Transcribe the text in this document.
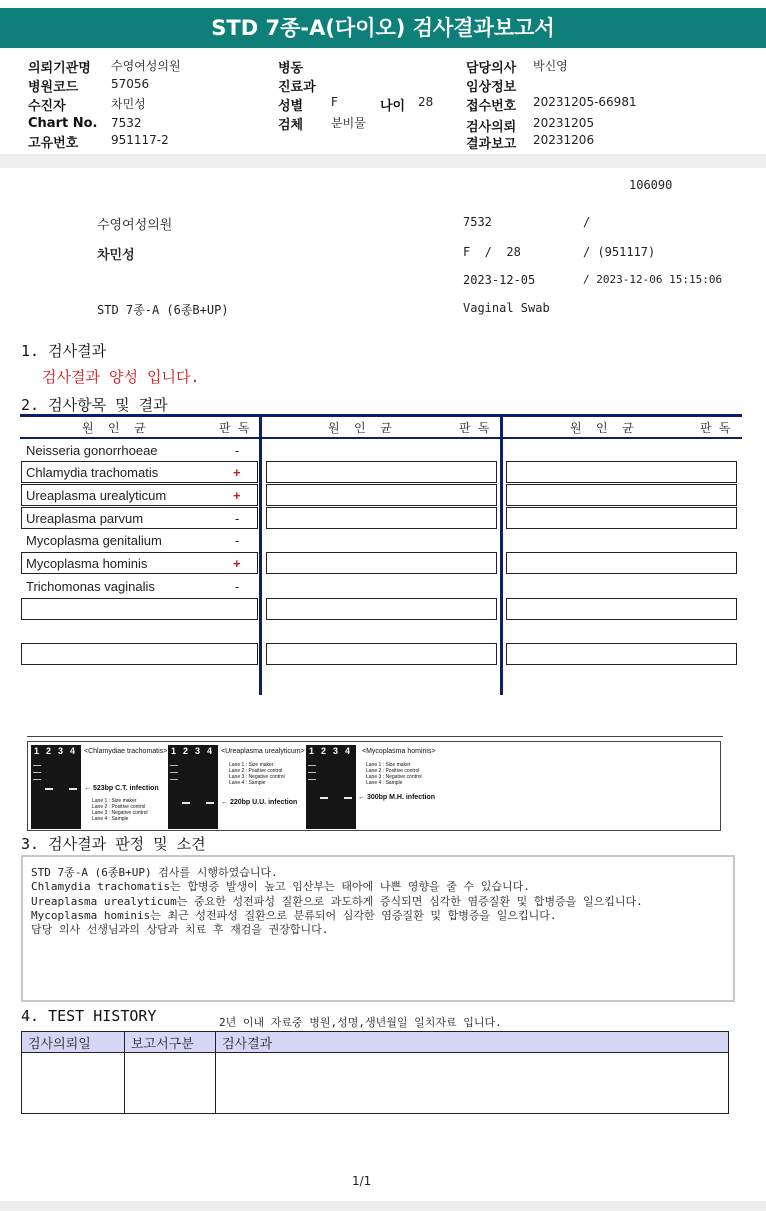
STD 7종-A(다이오) 검사결과보고서
의뢰기관명 수영여성의원
병원코드	57056
수진자	차민성
Chart No. 7532
고유번호	951117-2
병동
진료과
성별 F	나이 28
검체 분비물
담당의사 박신영
임상정보
접수번호 20231205-66981
검사의뢰 20231205
결과보고 20231206
106090
수영여성의원	7532	/
차민성	F  /  28	/ (951117)
2023-12-05	/ 2023-12-06 15:15:06
STD 7종-A (6종B+UP)	Vaginal Swab
1. 검사결과
검사결과 양성 입니다.
2. 검사항목 및 결과
원  인  균	판 독	원  인  균	판 독	원  인  균	판 독
Neisseria gonorrhoeae	-
Chlamydia trachomatis	+
Ureaplasma urealyticum	+
Ureaplasma parvum	-
Mycoplasma genitalium	-
Mycoplasma hominis	+
Trichomonas vaginalis	-
1 2 3 4 <Chlamydiae trachomatis>
← 523bp C.T. infection
Lane 1 : Size maker
Lane 2 : Positive control
Lane 3 : Negative control
Lane 4 : Sample
1 2 3 4 <Ureaplasma urealyticum>
Lane 1 : Size maker
Lane 2 : Positive control
Lane 3 : Negative control
Lane 4 : Sample
← 220bp U.U. infection
1 2 3 4 <Mycoplasma hominis>
Lane 1 : Size maker
Lane 2 : Positive control
Lane 3 : Negative control
Lane 4 : Sample
← 300bp M.H. infection
3. 검사결과 판정 및 소견
STD 7종-A (6종B+UP) 검사를 시행하였습니다.
Chlamydia trachomatis는 합병증 발생이 높고 임산부는 태아에 나쁜 영향을 줄 수 있습니다.
Ureaplasma urealyticum는 중요한 성전파성 질환으로 과도하게 증식되면 심각한 염증질환 및 합병증을 일으킵니다.
Mycoplasma hominis는 최근 성전파성 질환으로 분류되어 심각한 염증질환 및 합병증을 일으킵니다.
담당 의사 선생님과의 상담과 치료 후 재검을 권장합니다.
4. TEST HISTORY	2년 이내 자료중 병원,성명,생년월일 일치자료 입니다.
검사의뢰일	보고서구분	검사결과

1/1
